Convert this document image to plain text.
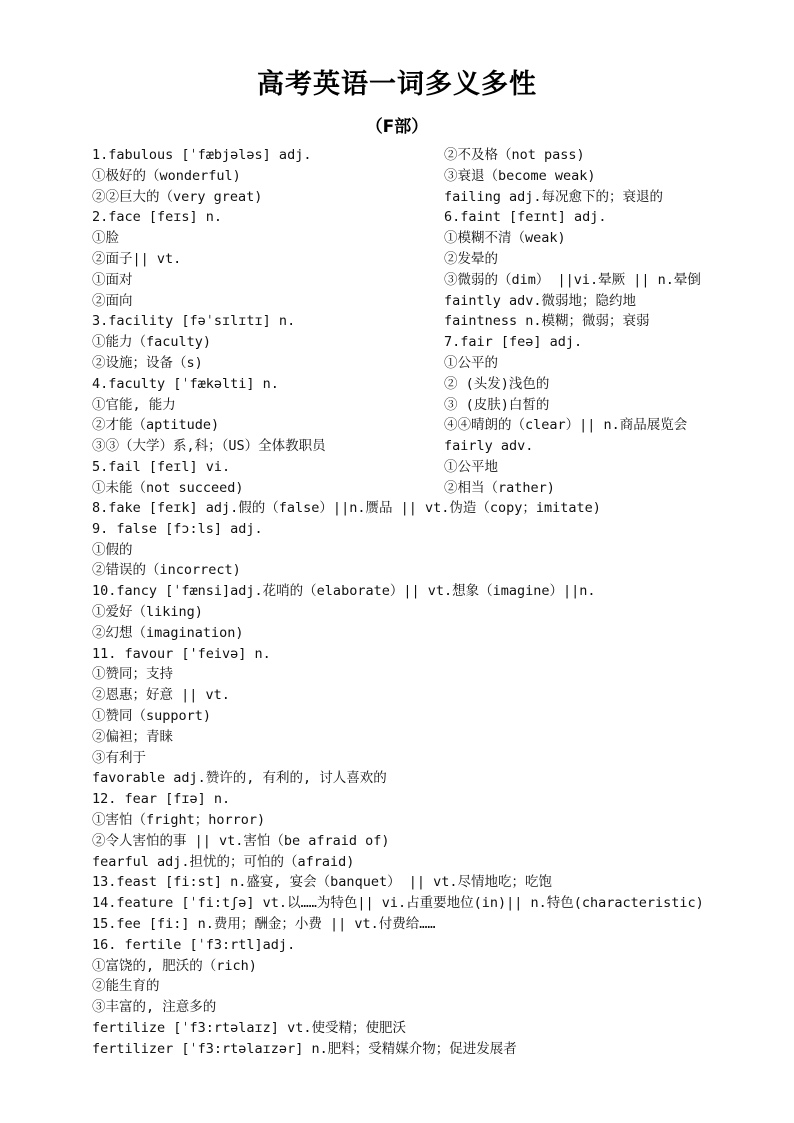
高考英语一词多义多性
（F部）
1.fabulous [ˈfæbjələs] adj.
①极好的（wonderful)
②②巨大的（very great)
2.face [feɪs] n.
①脸
②面子|| vt.
①面对
②面向
3.facility [fəˈsɪlɪtɪ] n.
①能力（faculty)
②设施；设备（s)
4.faculty [ˈfækəlti] n.
①官能, 能力
②才能（aptitude)
③③（大学）系,科；（US）全体教职员
5.fail [feɪl] vi.
①未能（not succeed)
②不及格（not pass)
③衰退（become weak)
failing adj.每况愈下的；衰退的
6.faint [feɪnt] adj.
①模糊不清（weak)
②发晕的
③微弱的（dim） ||vi.晕厥 || n.晕倒
faintly adv.微弱地；隐约地
faintness n.模糊；微弱；衰弱
7.fair [feə] adj.
①公平的
② (头发)浅色的
③ (皮肤)白皙的
④④晴朗的（clear）|| n.商品展览会
fairly adv.
①公平地
②相当（rather)
8.fake [feɪk] adj.假的（false）||n.赝品 || vt.伪造（copy；imitate)
9. false [fɔ:ls] adj.
①假的
②错误的（incorrect)
10.fancy [ˈfænsi]adj.花哨的（elaborate）|| vt.想象（imagine）||n.
①爱好（liking)
②幻想（imagination)
11. favour ['feivə] n.
①赞同；支持
②恩惠；好意 || vt.
①赞同（support)
②偏袒；青睐
③有利于
favorable adj.赞许的, 有利的, 讨人喜欢的
12. fear [fɪə] n.
①害怕（fright；horror)
②令人害怕的事 || vt.害怕（be afraid of)
fearful adj.担忧的；可怕的（afraid)
13.feast [fi:st] n.盛宴, 宴会（banquet） || vt.尽情地吃；吃饱
14.feature [ˈfi:tʃə] vt.以……为特色|| vi.占重要地位(in)|| n.特色(characteristic)
15.fee [fi:] n.费用；酬金；小费 || vt.付费给……
16. fertile [ˈf3:rtl]adj.
①富饶的, 肥沃的（rich)
②能生育的
③丰富的, 注意多的
fertilize [ˈf3:rtəlaɪz] vt.使受精；使肥沃
fertilizer [ˈf3:rtəlaɪzər] n.肥料；受精媒介物；促进发展者
